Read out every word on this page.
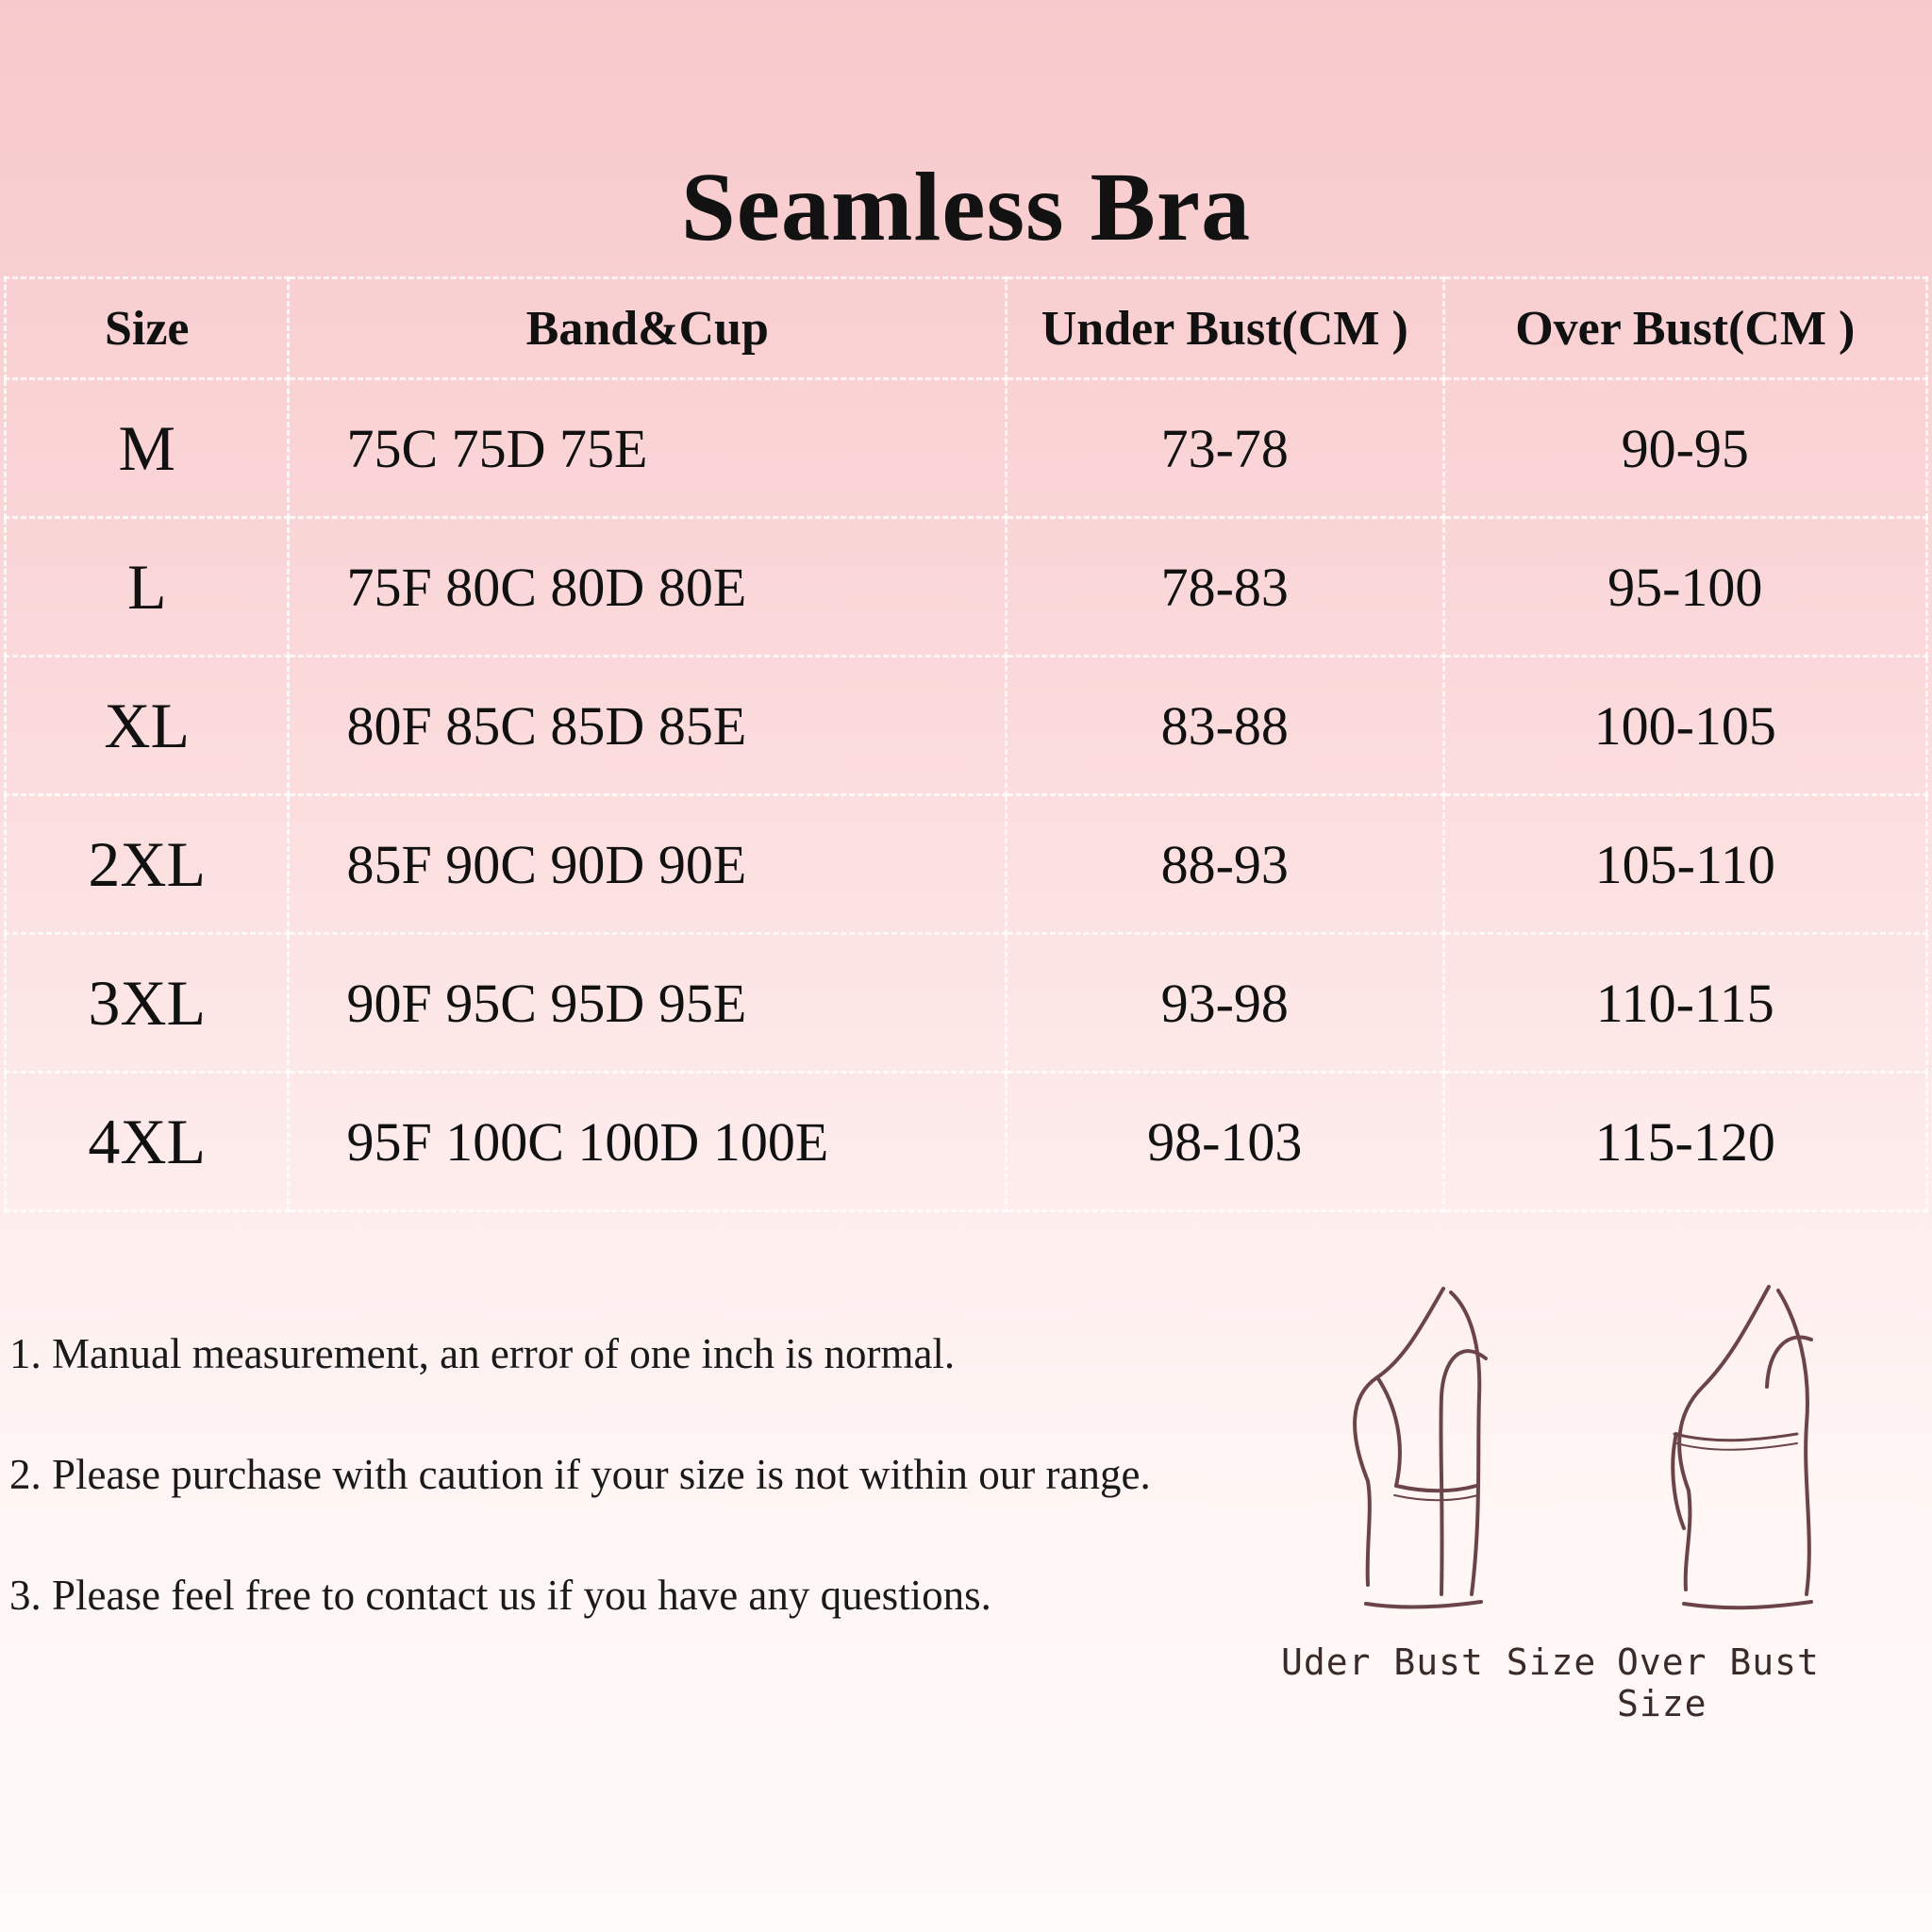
Seamless Bra
Size	Band&Cup	Under Bust(CM )	Over Bust(CM )
M	75C 75D 75E	73-78	90-95
L	75F 80C 80D 80E	78-83	95-100
XL	80F 85C 85D 85E	83-88	100-105
2XL	85F 90C 90D 90E	88-93	105-110
3XL	90F 95C 95D 95E	93-98	110-115
4XL	95F 100C 100D 100E	98-103	115-120

1. Manual measurement, an error of one inch is normal.

2. Please purchase with caution if your size is not within our range.

3. Please feel free to contact us if you have any questions.

Uder Bust Size Over Bust Size
